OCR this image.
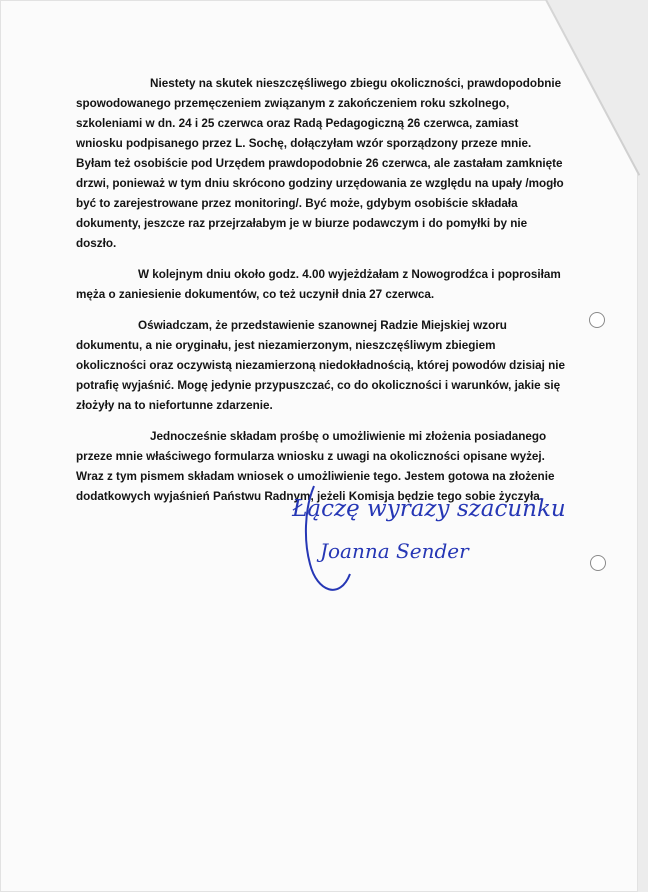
Niestety na skutek nieszczęśliwego zbiegu okoliczności, prawdopodobnie spowodowanego przemęczeniem związanym z zakończeniem roku szkolnego, szkoleniami w dn. 24 i 25 czerwca oraz Radą Pedagogiczną 26 czerwca, zamiast wniosku podpisanego przez L. Sochę, dołączyłam wzór sporządzony przeze mnie. Byłam też osobiście pod Urzędem prawdopodobnie 26 czerwca, ale zastałam zamknięte drzwi, ponieważ w tym dniu skrócono godziny urzędowania ze względu na upały /mogło być to zarejestrowane przez monitoring/. Być może, gdybym osobiście składała dokumenty, jeszcze raz przejrzałabym je w biurze podawczym i do pomyłki by nie doszło.

W kolejnym dniu około godz. 4.00 wyjeżdżałam z Nowogrodźca i poprosiłam męża o zaniesienie dokumentów, co też uczynił dnia 27 czerwca.

Oświadczam, że przedstawienie szanownej Radzie Miejskiej wzoru dokumentu, a nie oryginału, jest niezamierzonym, nieszczęśliwym zbiegiem okoliczności oraz oczywistą niezamierzoną niedokładnością, której powodów dzisiaj nie potrafię wyjaśnić. Mogę jedynie przypuszczać, co do okoliczności i warunków, jakie się złożyły na to niefortunne zdarzenie.

Jednocześnie składam prośbę o umożliwienie mi złożenia posiadanego przeze mnie właściwego formularza wniosku z uwagi na okoliczności opisane wyżej. Wraz z tym pismem składam wniosek o umożliwienie tego. Jestem gotowa na złożenie dodatkowych wyjaśnień Państwu Radnym, jeżeli Komisja będzie tego sobie życzyła.

Łączę wyrazy szacunku
Joanna Sender
